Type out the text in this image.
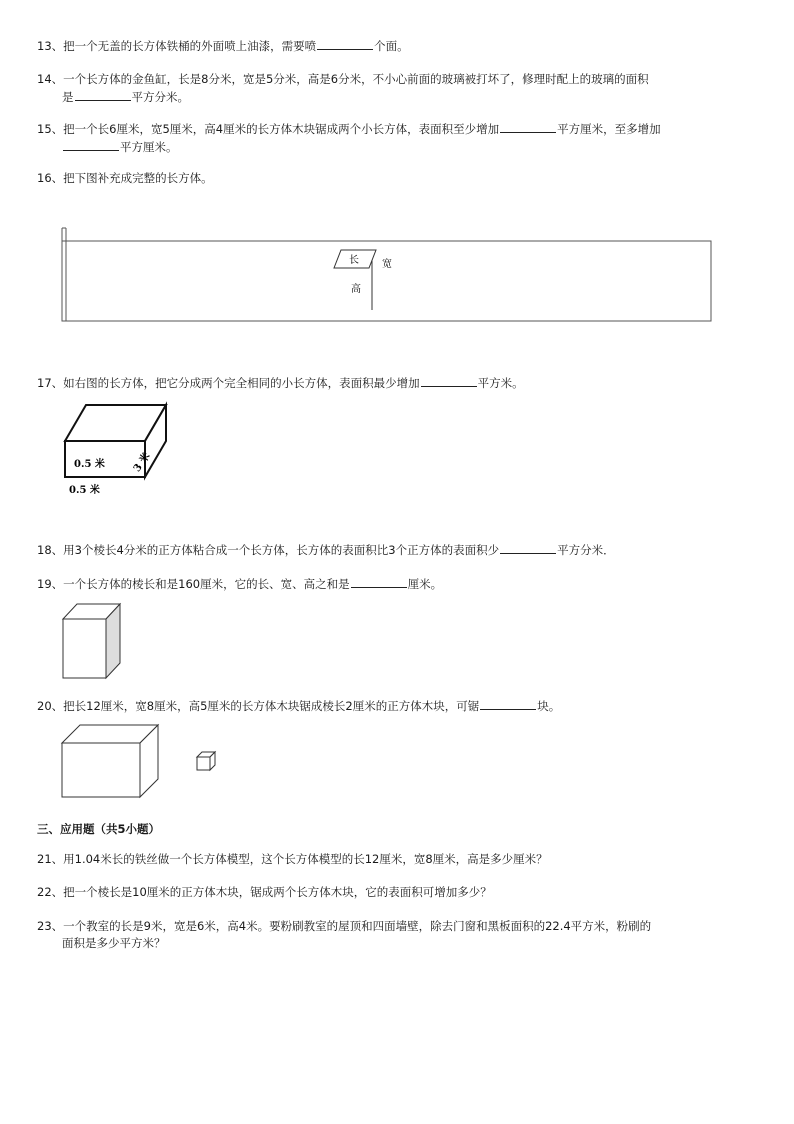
13、把一个无盖的长方体铁桶的外面喷上油漆，需要喷	个面。
14、一个长方体的金鱼缸，长是8分米，宽是5分米，高是6分米，不小心前面的玻璃被打坏了，修理时配上的玻璃的面积
是	平方分米。
15、把一个长6厘米，宽5厘米，高4厘米的长方体木块锯成两个小长方体，表面积至少增加	平方厘米，至多增加
平方厘米。
16、把下图补充成完整的长方体。
长 宽
高
0.5 米
0.5 米
3 米
17、如右图的长方体，把它分成两个完全相同的小长方体，表面积最少增加	平方米。
18、用3个棱长4分米的正方体粘合成一个长方体，长方体的表面积比3个正方体的表面积少	平方分米．
19、一个长方体的棱长和是160厘米，它的长、宽、高之和是	厘米。
20、把长12厘米，宽8厘米，高5厘米的长方体木块锯成棱长2厘米的正方体木块，可锯	块。
三、应用题（共5小题）
21、用1.04米长的铁丝做一个长方体模型，这个长方体模型的长12厘米，宽8厘米，高是多少厘米？
22、把一个棱长是10厘米的正方体木块，锯成两个长方体木块，它的表面积可增加多少？
23、一个教室的长是9米，宽是6米，高4米。要粉刷教室的屋顶和四面墙壁，除去门窗和黑板面积的22.4平方米，粉刷的
面积是多少平方米？
